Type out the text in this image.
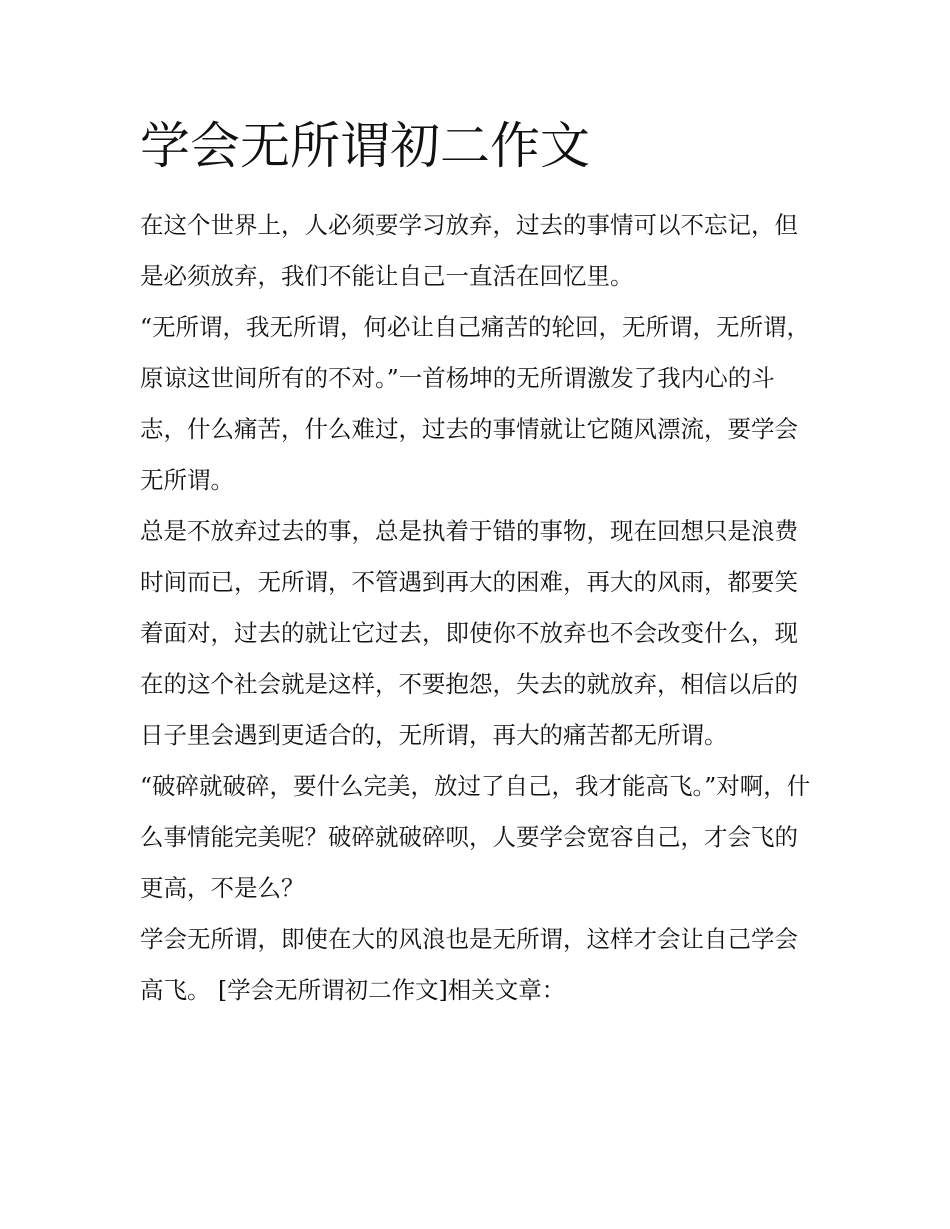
学会无所谓初二作文

在这个世界上，人必须要学习放弃，过去的事情可以不忘记，但是必须放弃，我们不能让自己一直活在回忆里。

“无所谓，我无所谓，何必让自己痛苦的轮回，无所谓，无所谓，原谅这世间所有的不对。”一首杨坤的无所谓激发了我内心的斗志，什么痛苦，什么难过，过去的事情就让它随风漂流，要学会无所谓。

总是不放弃过去的事，总是执着于错的事物，现在回想只是浪费时间而已，无所谓，不管遇到再大的困难，再大的风雨，都要笑着面对，过去的就让它过去，即使你不放弃也不会改变什么，现在的这个社会就是这样，不要抱怨，失去的就放弃，相信以后的日子里会遇到更适合的，无所谓，再大的痛苦都无所谓。

“破碎就破碎，要什么完美，放过了自己，我才能高飞。”对啊，什么事情能完美呢？破碎就破碎呗，人要学会宽容自己，才会飞的更高，不是么？

学会无所谓，即使在大的风浪也是无所谓，这样才会让自己学会高飞。 [学会无所谓初二作文]相关文章：
